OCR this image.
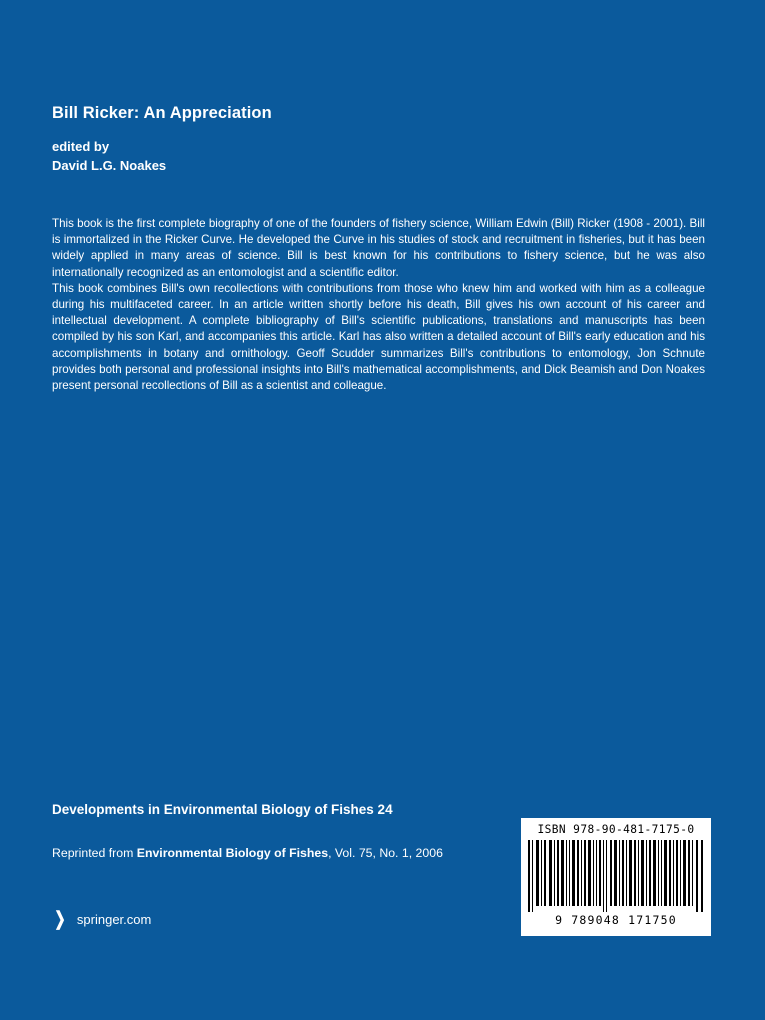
Bill Ricker: An Appreciation
edited by
David L.G. Noakes

This book is the first complete biography of one of the founders of fishery science, William Edwin (Bill) Ricker (1908 - 2001). Bill is immortalized in the Ricker Curve. He developed the Curve in his studies of stock and recruitment in fisheries, but it has been widely applied in many areas of science. Bill is best known for his contributions to fishery science, but he was also internationally recognized as an entomologist and a scientific editor.

This book combines Bill's own recollections with contributions from those who knew him and worked with him as a colleague during his multifaceted career. In an article written shortly before his death, Bill gives his own account of his career and intellectual development. A complete bibliography of Bill's scientific publications, translations and manuscripts has been compiled by his son Karl, and accompanies this article. Karl has also written a detailed account of Bill's early education and his accomplishments in botany and ornithology. Geoff Scudder summarizes Bill's contributions to entomology, Jon Schnute provides both personal and professional insights into Bill's mathematical accomplishments, and Dick Beamish and Don Noakes present personal recollections of Bill as a scientist and colleague.

Developments in Environmental Biology of Fishes 24
Reprinted from Environmental Biology of Fishes, Vol. 75, No. 1, 2006
❯ springer.com
ISBN 978-90-481-7175-0
9 789048 171750
